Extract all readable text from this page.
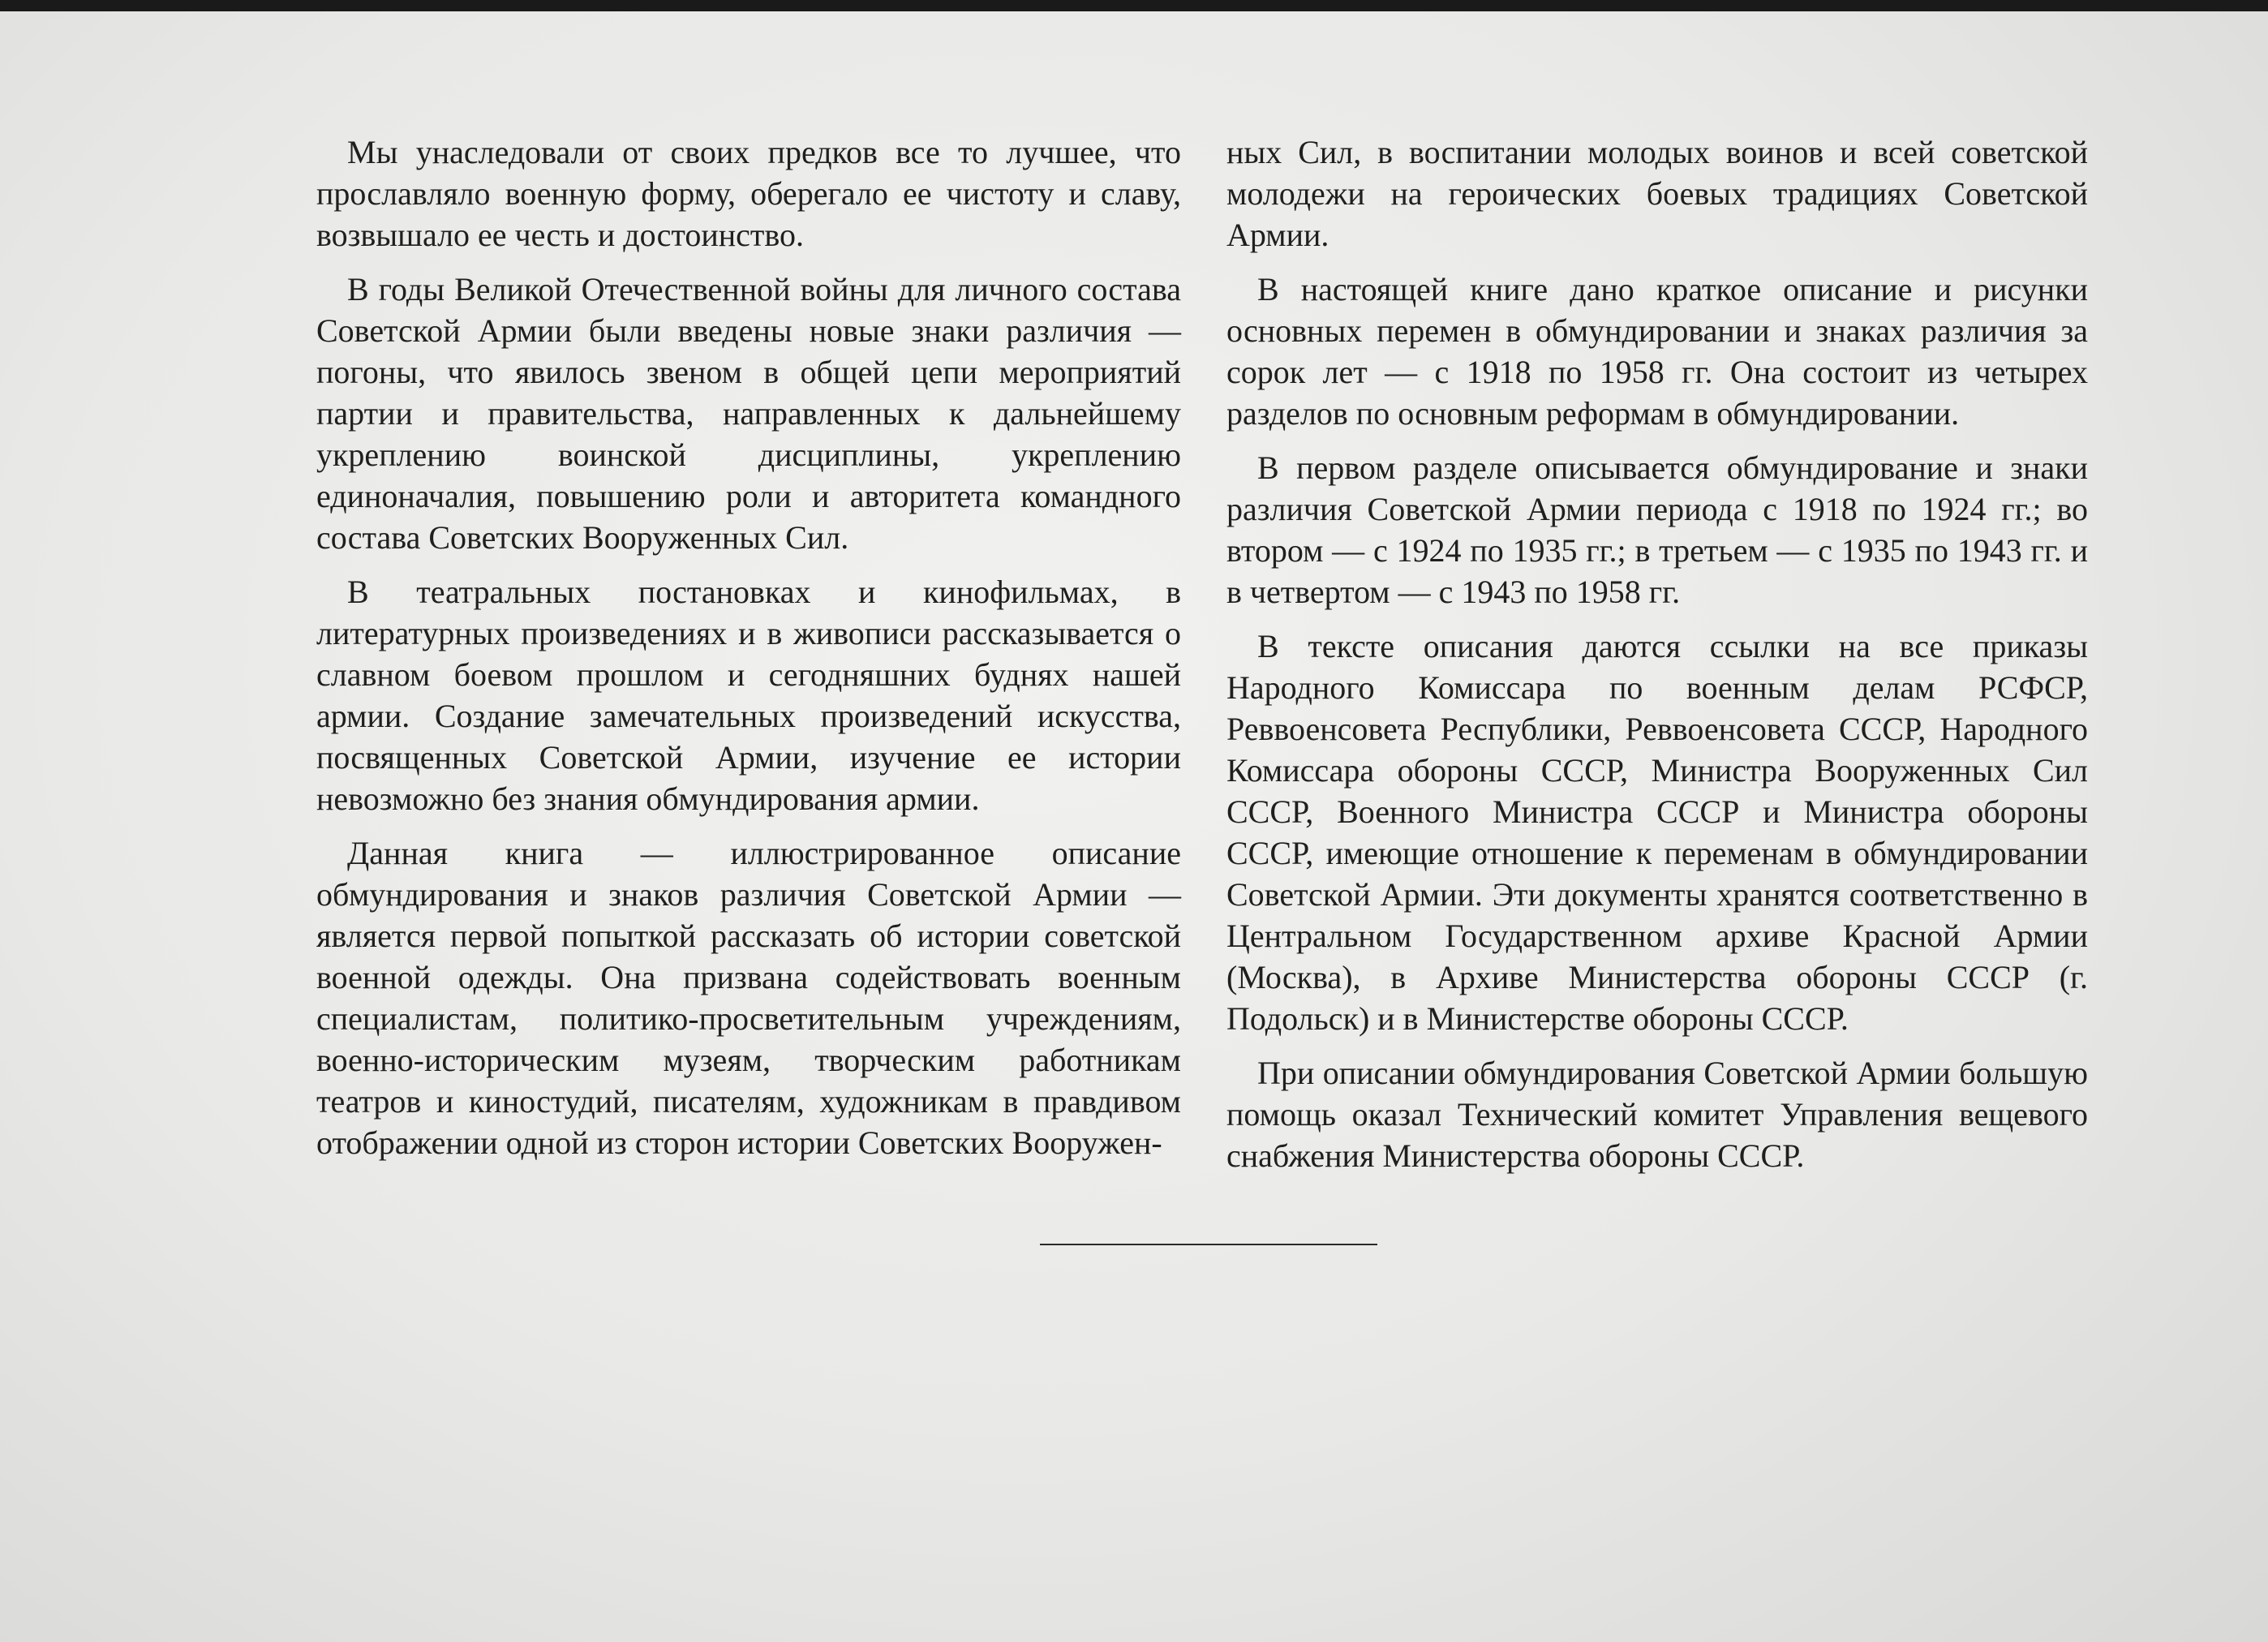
Мы унаследовали от своих предков все то лучшее, что прославляло военную форму, оберегало ее чистоту и славу, возвышало ее честь и достоинство.

В годы Великой Отечественной войны для личного состава Советской Армии были введены новые знаки различия — погоны, что явилось звеном в общей цепи мероприятий партии и правительства, направленных к дальнейшему укреплению воинской дисциплины, укреплению единоначалия, повышению роли и авторитета командного состава Советских Вооруженных Сил.

В театральных постановках и кинофильмах, в литературных произведениях и в живописи рассказывается о славном боевом прошлом и сегодняшних буднях нашей армии. Создание замечательных произведений искусства, посвященных Советской Армии, изучение ее истории невозможно без знания обмундирования армии.

Данная книга — иллюстрированное описание обмундирования и знаков различия Советской Армии — является первой попыткой рассказать об истории советской военной одежды. Она призвана содействовать военным специалистам, политико-просветительным учреждениям, военно-историческим музеям, творческим работникам театров и киностудий, писателям, художникам в правдивом отображении одной из сторон истории Советских Вооружен-

ных Сил, в воспитании молодых воинов и всей советской молодежи на героических боевых традициях Советской Армии.

В настоящей книге дано краткое описание и рисунки основных перемен в обмундировании и знаках различия за сорок лет — с 1918 по 1958 гг. Она состоит из четырех разделов по основным реформам в обмундировании.

В первом разделе описывается обмундирование и знаки различия Советской Армии периода с 1918 по 1924 гг.; во втором — с 1924 по 1935 гг.; в третьем — с 1935 по 1943 гг. и в четвертом — с 1943 по 1958 гг.

В тексте описания даются ссылки на все приказы Народного Комиссара по военным делам РСФСР, Реввоенсовета Республики, Реввоенсовета СССР, Народного Комиссара обороны СССР, Министра Вооруженных Сил СССР, Военного Министра СССР и Министра обороны СССР, имеющие отношение к переменам в обмундировании Советской Армии. Эти документы хранятся соответственно в Центральном Государственном архиве Красной Армии (Москва), в Архиве Министерства обороны СССР (г. Подольск) и в Министерстве обороны СССР.

При описании обмундирования Советской Армии большую помощь оказал Технический комитет Управления вещевого снабжения Министерства обороны СССР.
